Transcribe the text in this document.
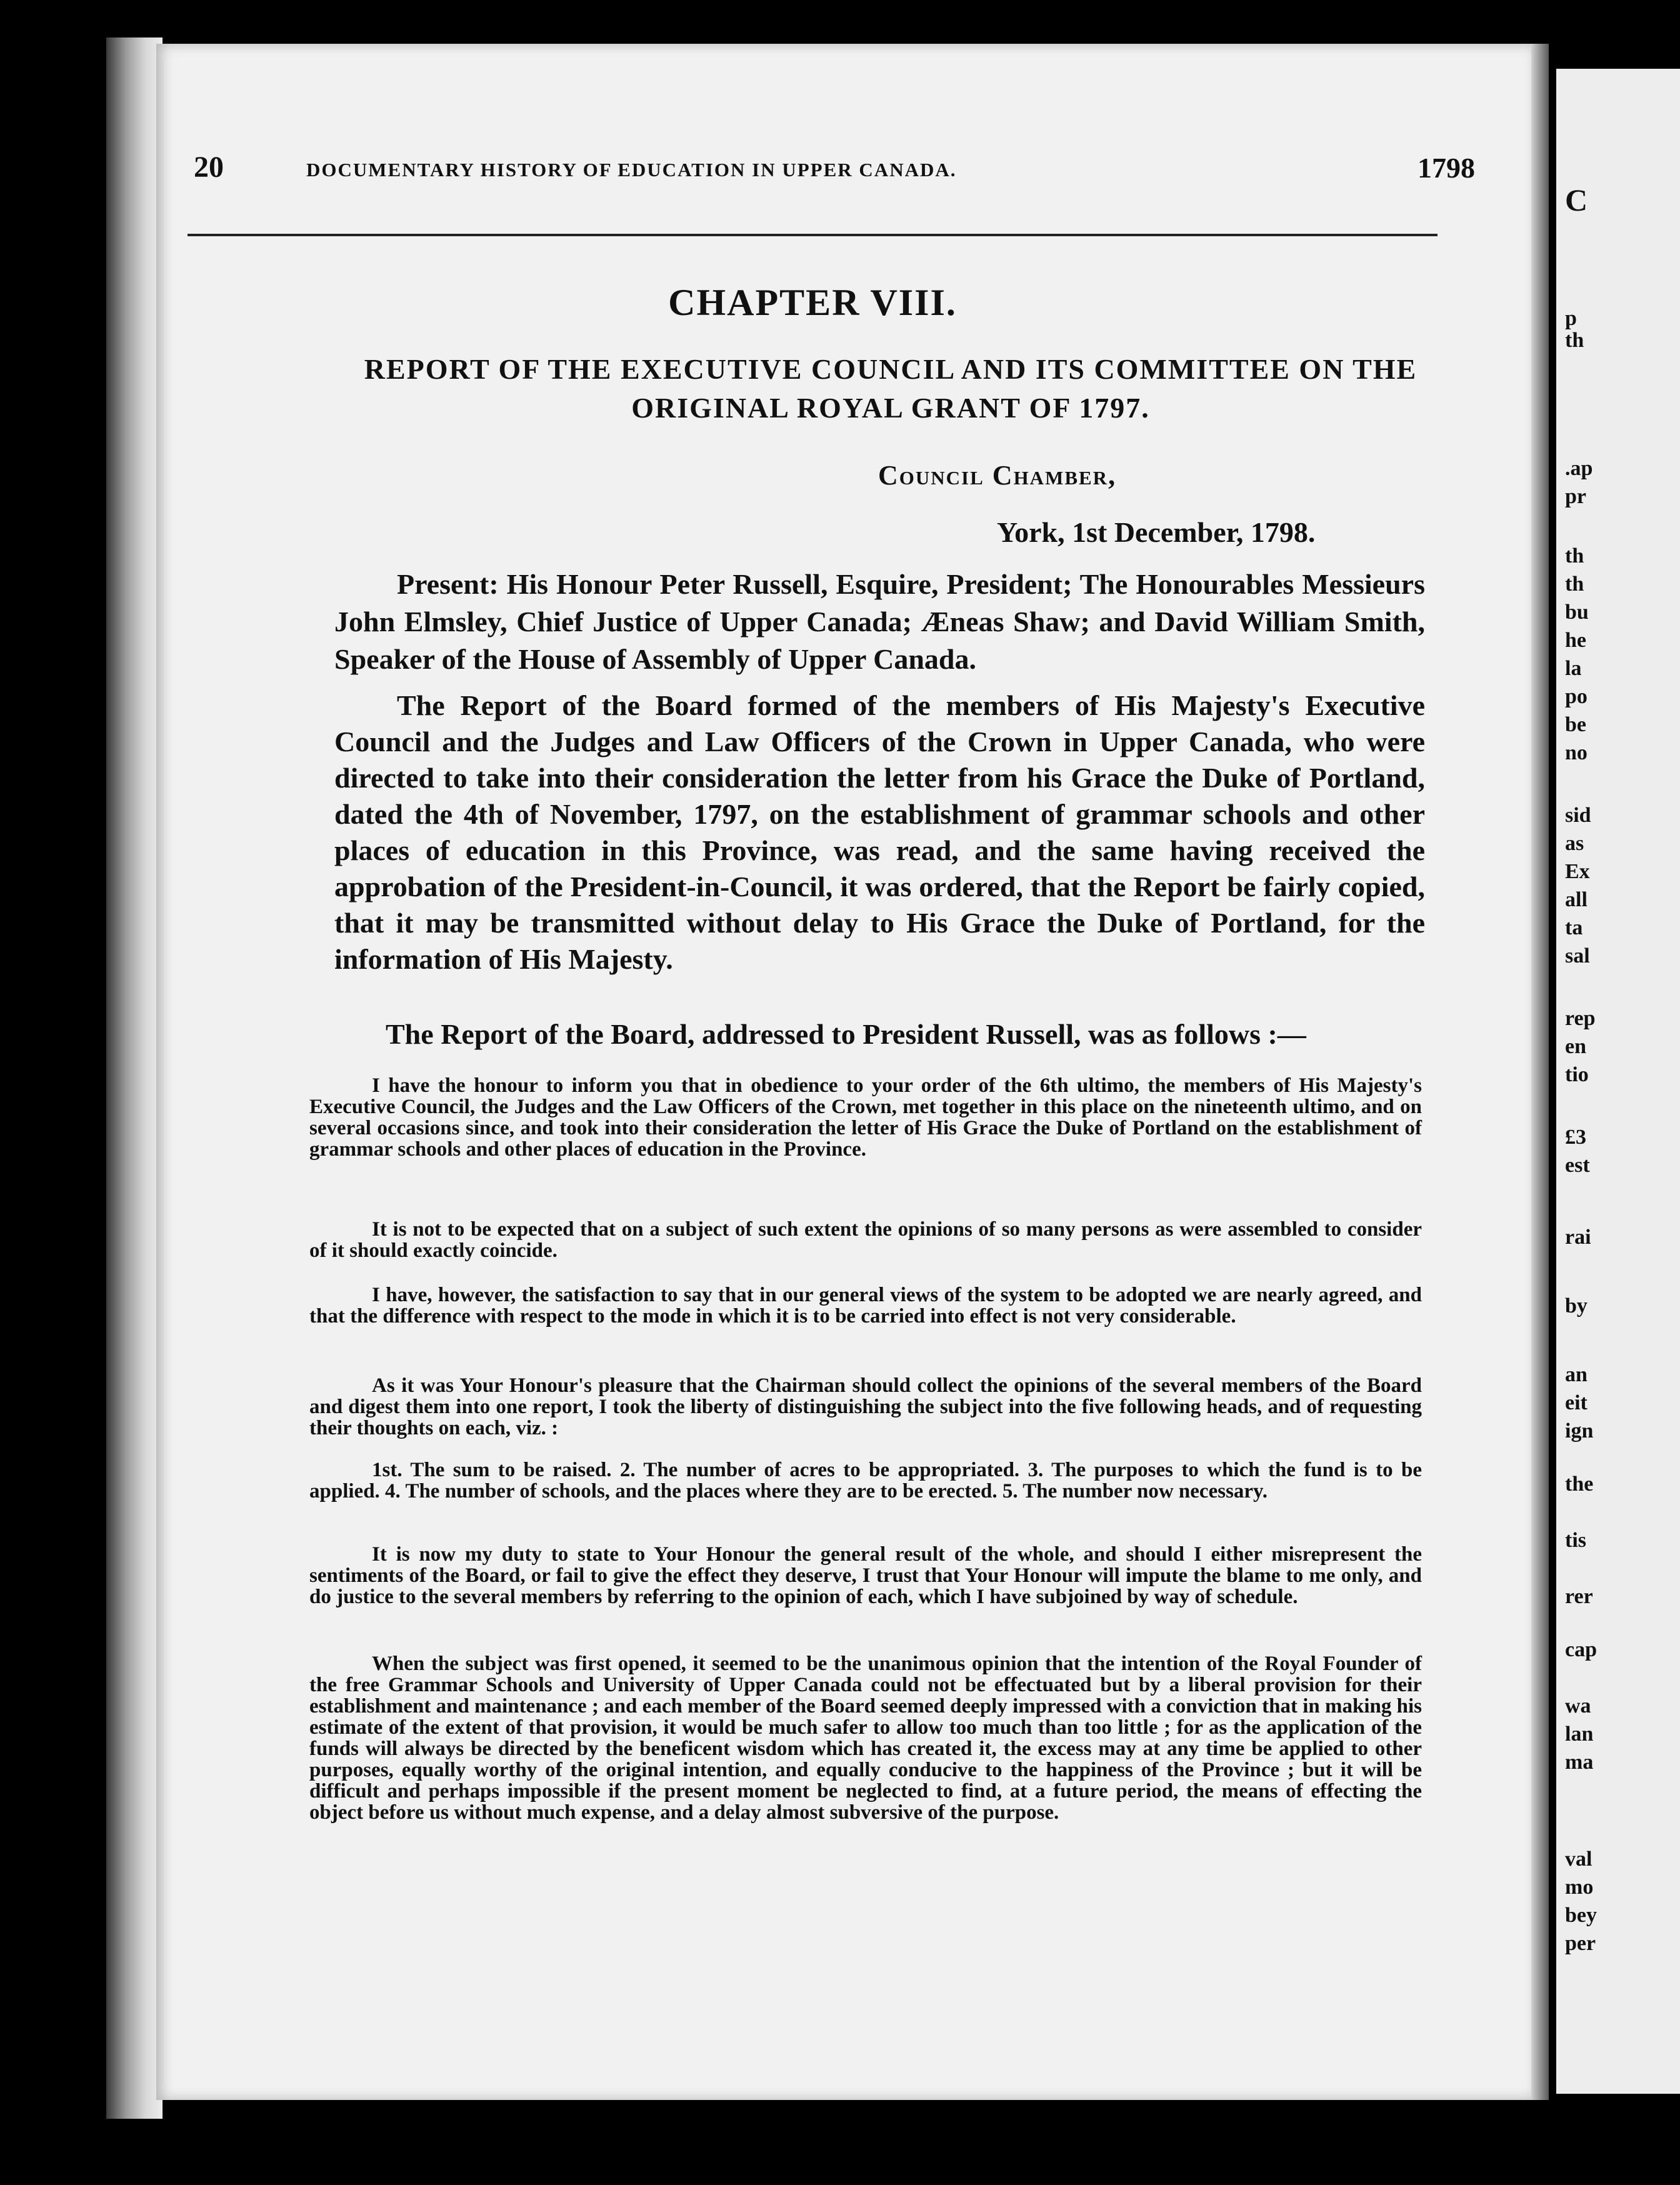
C
p
th
.ap
pr
th
th
bu
he
la
po
be
no
sid
as
Ex
all
ta
sal
rep
en
tio
£3
est
rai
by
an
eit
ign
the
tis
rer
cap
wa
lan
ma
val
mo
bey
per
20	DOCUMENTARY HISTORY OF EDUCATION IN UPPER CANADA.	1798
CHAPTER VIII.
REPORT OF THE EXECUTIVE COUNCIL AND ITS COMMITTEE ON THE ORIGINAL ROYAL GRANT OF 1797.
Council Chamber,
York, 1st December, 1798.

Present: His Honour Peter Russell, Esquire, President; The Honourables Messieurs John Elmsley, Chief Justice of Upper Canada; Æneas Shaw; and David William Smith, Speaker of the House of Assembly of Upper Canada.

The Report of the Board formed of the members of His Majesty's Executive Council and the Judges and Law Officers of the Crown in Upper Canada, who were directed to take into their consideration the letter from his Grace the Duke of Portland, dated the 4th of November, 1797, on the establishment of grammar schools and other places of education in this Province, was read, and the same having received the approbation of the President-in-Council, it was ordered, that the Report be fairly copied, that it may be transmitted without delay to His Grace the Duke of Portland, for the information of His Majesty.

The Report of the Board, addressed to President Russell, was as follows :—

I have the honour to inform you that in obedience to your order of the 6th ultimo, the members of His Majesty's Executive Council, the Judges and the Law Officers of the Crown, met together in this place on the nineteenth ultimo, and on several occasions since, and took into their consideration the letter of His Grace the Duke of Portland on the establishment of grammar schools and other places of education in the Province.

It is not to be expected that on a subject of such extent the opinions of so many persons as were assembled to consider of it should exactly coincide.

I have, however, the satisfaction to say that in our general views of the system to be adopted we are nearly agreed, and that the difference with respect to the mode in which it is to be carried into effect is not very considerable.

As it was Your Honour's pleasure that the Chairman should collect the opinions of the several members of the Board and digest them into one report, I took the liberty of distinguishing the subject into the five following heads, and of requesting their thoughts on each, viz. :

1st. The sum to be raised. 2. The number of acres to be appropriated. 3. The purposes to which the fund is to be applied. 4. The number of schools, and the places where they are to be erected. 5. The number now necessary.

It is now my duty to state to Your Honour the general result of the whole, and should I either misrepresent the sentiments of the Board, or fail to give the effect they deserve, I trust that Your Honour will impute the blame to me only, and do justice to the several members by referring to the opinion of each, which I have subjoined by way of schedule.

When the subject was first opened, it seemed to be the unanimous opinion that the intention of the Royal Founder of the free Grammar Schools and University of Upper Canada could not be effectuated but by a liberal provision for their establishment and maintenance ; and each member of the Board seemed deeply impressed with a conviction that in making his estimate of the extent of that provision, it would be much safer to allow too much than too little ; for as the application of the funds will always be directed by the beneficent wisdom which has created it, the excess may at any time be applied to other purposes, equally worthy of the original intention, and equally conducive to the happiness of the Province ; but it will be difficult and perhaps impossible if the present moment be neglected to find, at a future period, the means of effecting the object before us without much expense, and a delay almost subversive of the purpose.
